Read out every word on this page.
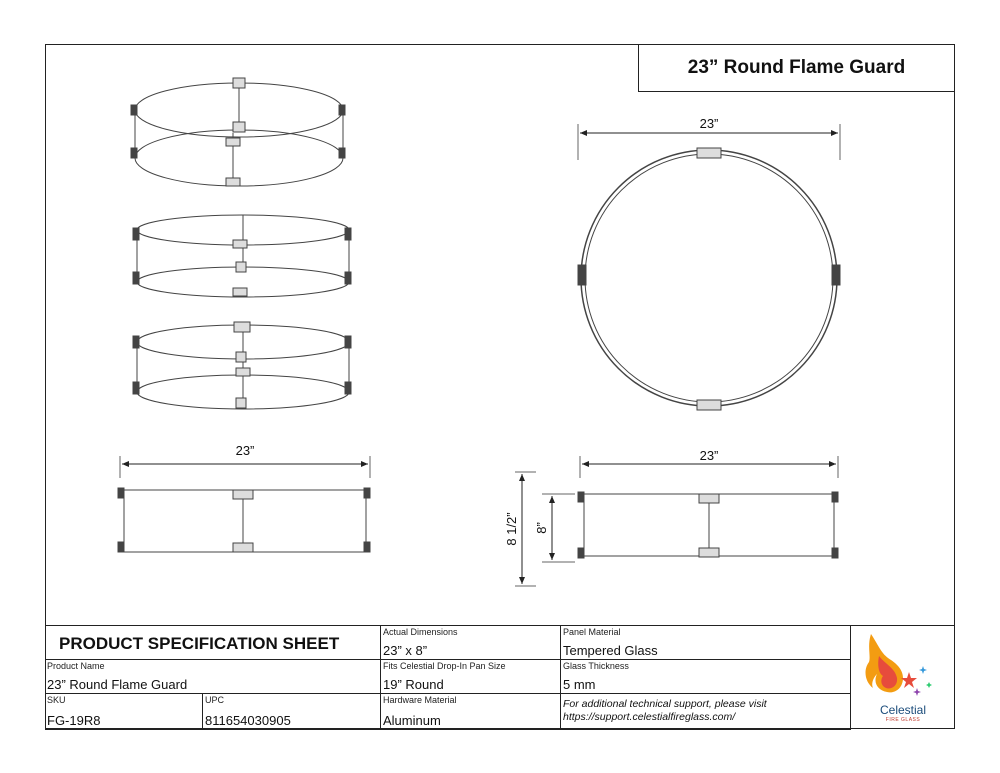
23” Round Flame Guard
23”
23”
23”
8 1/2” 8”
PRODUCT SPECIFICATION SHEET
Actual Dimensions
23” x 8”
Panel Material
Tempered Glass
Product Name
23” Round Flame Guard
Fits Celestial Drop-In Pan Size
19” Round
Glass Thickness
5 mm
SKU
FG-19R8
UPC
811654030905
Hardware Material
Aluminum
For additional technical support, please visit
https://support.celestialfireglass.com/	Celestial
FIRE GLASS
